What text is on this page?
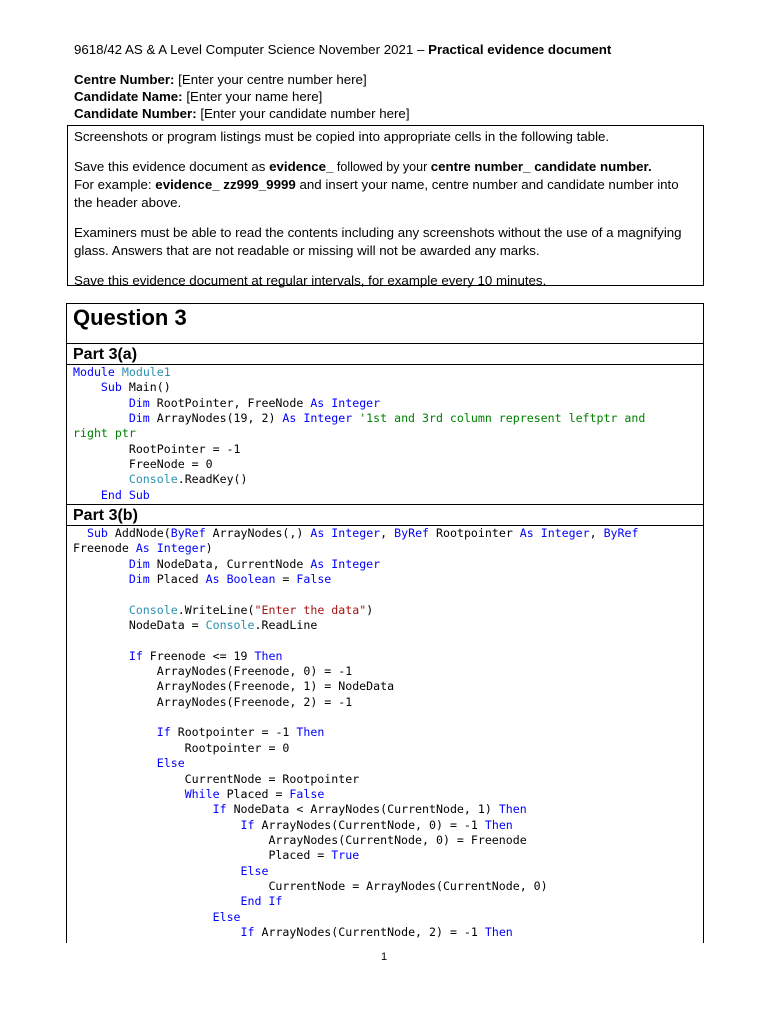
9618/42 AS & A Level Computer Science November 2021 – Practical evidence document
Centre Number: [Enter your centre number here]
Candidate Name: [Enter your name here]
Candidate Number: [Enter your candidate number here]

Screenshots or program listings must be copied into appropriate cells in the following table.

Save this evidence document as evidence_ followed by your centre number_ candidate number.
For example: evidence_ zz999_9999 and insert your name, centre number and candidate number into the header above.

Examiners must be able to read the contents including any screenshots without the use of a magnifying glass. Answers that are not readable or missing will not be awarded any marks.

Save this evidence document at regular intervals, for example every 10 minutes.

Question 3
Part 3(a)
Module Module1
Sub Main()
Dim RootPointer, FreeNode As Integer
Dim ArrayNodes(19, 2) As Integer '1st and 3rd column represent leftptr and
right ptr
RootPointer = -1
FreeNode = 0
Console.ReadKey()
End Sub
Part 3(b)
Sub AddNode(ByRef ArrayNodes(,) As Integer, ByRef Rootpointer As Integer, ByRef
Freenode As Integer)
Dim NodeData, CurrentNode As Integer
Dim Placed As Boolean = False
Console.WriteLine("Enter the data")
NodeData = Console.ReadLine
If Freenode <= 19 Then
ArrayNodes(Freenode, 0) = -1
ArrayNodes(Freenode, 1) = NodeData
ArrayNodes(Freenode, 2) = -1
If Rootpointer = -1 Then
Rootpointer = 0
Else
CurrentNode = Rootpointer
While Placed = False
If NodeData < ArrayNodes(CurrentNode, 1) Then
If ArrayNodes(CurrentNode, 0) = -1 Then
ArrayNodes(CurrentNode, 0) = Freenode
Placed = True
Else
CurrentNode = ArrayNodes(CurrentNode, 0)
End If
Else
If ArrayNodes(CurrentNode, 2) = -1 Then
1
